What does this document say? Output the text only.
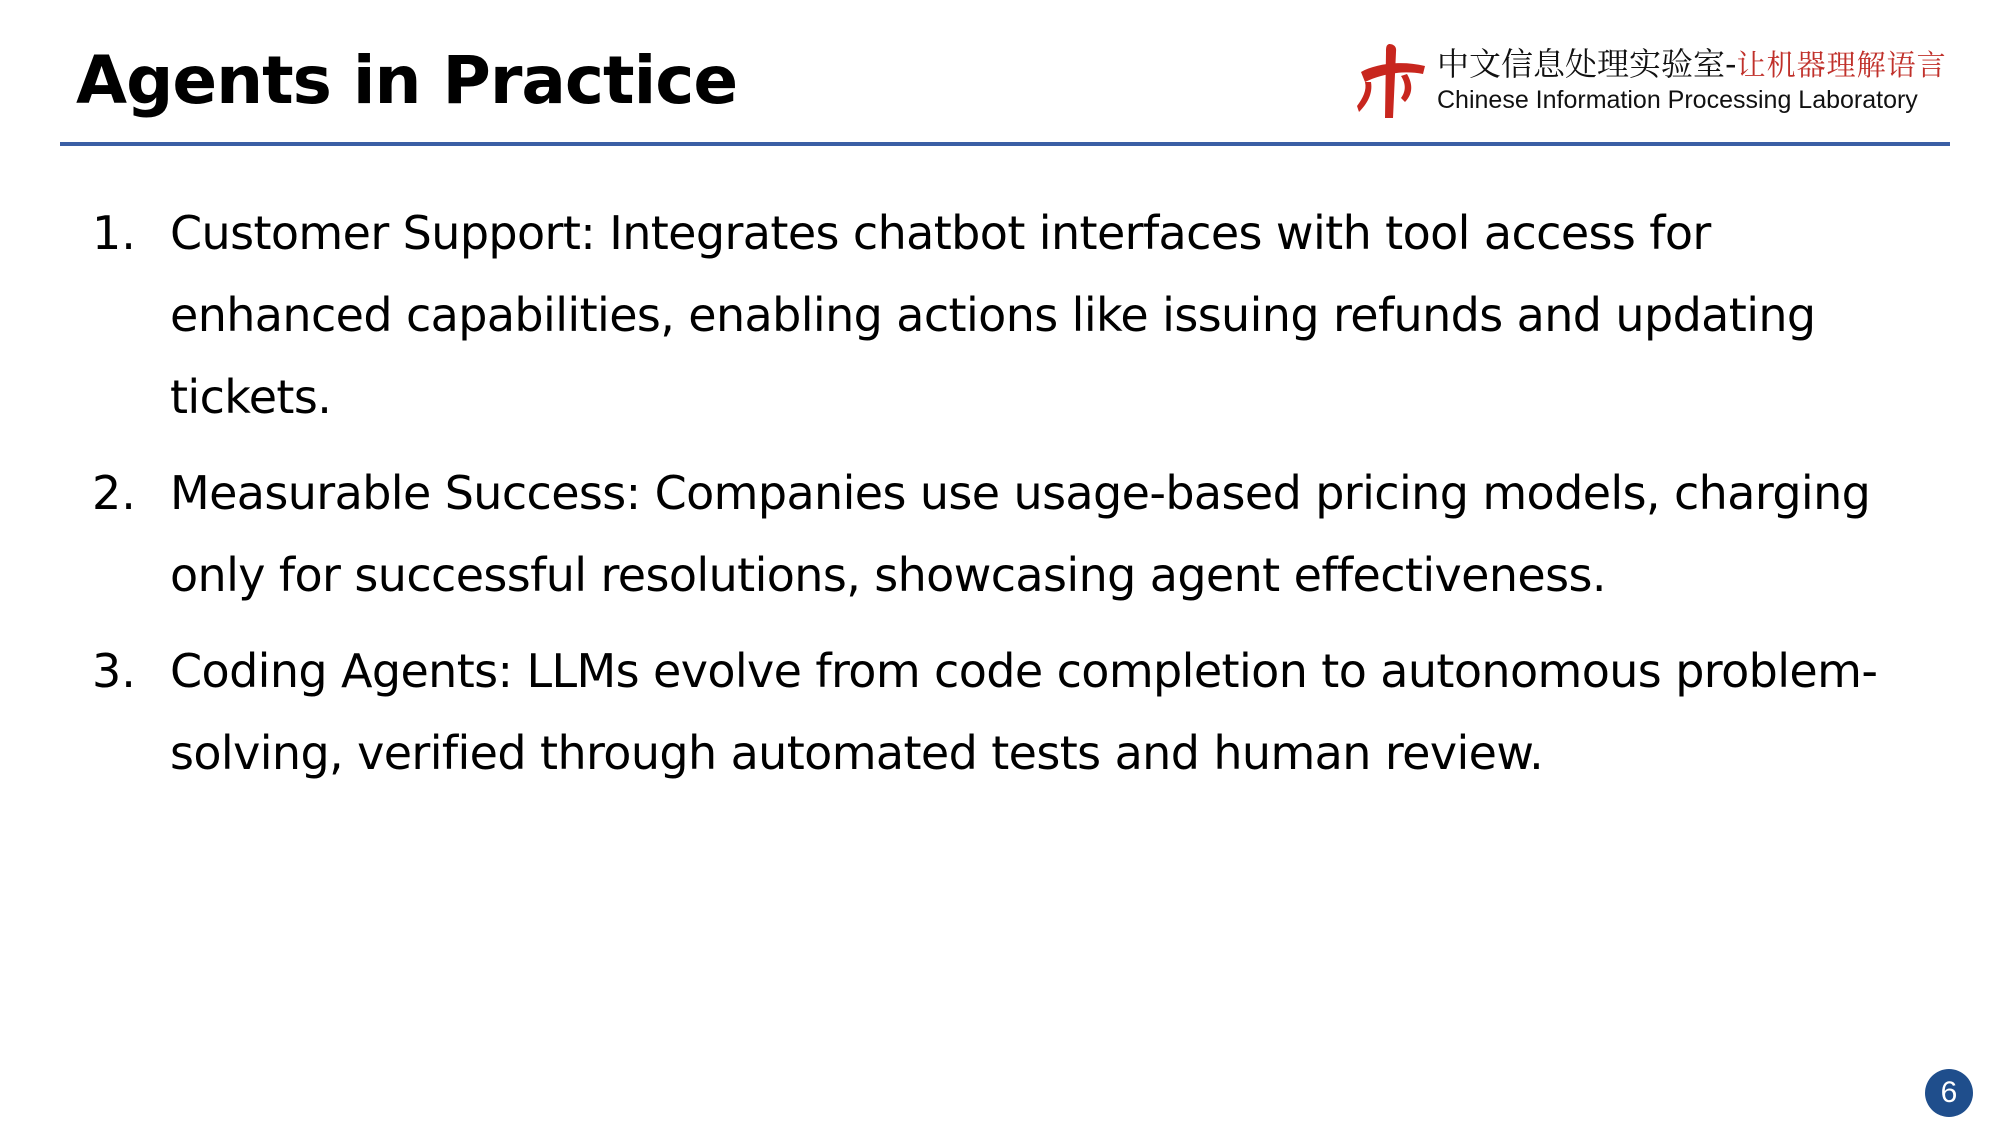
Agents in Practice	中文信息处理实验室-让机器理解语言
Chinese Information Processing Laboratory
1. Customer Support: Integrates chatbot interfaces with tool access for enhanced capabilities, enabling actions like issuing refunds and updating tickets.
2. Measurable Success: Companies use usage-based pricing models, charging only for successful resolutions, showcasing agent effectiveness.
3. Coding Agents: LLMs evolve from code completion to autonomous problem-solving, verified through automated tests and human review.
6
